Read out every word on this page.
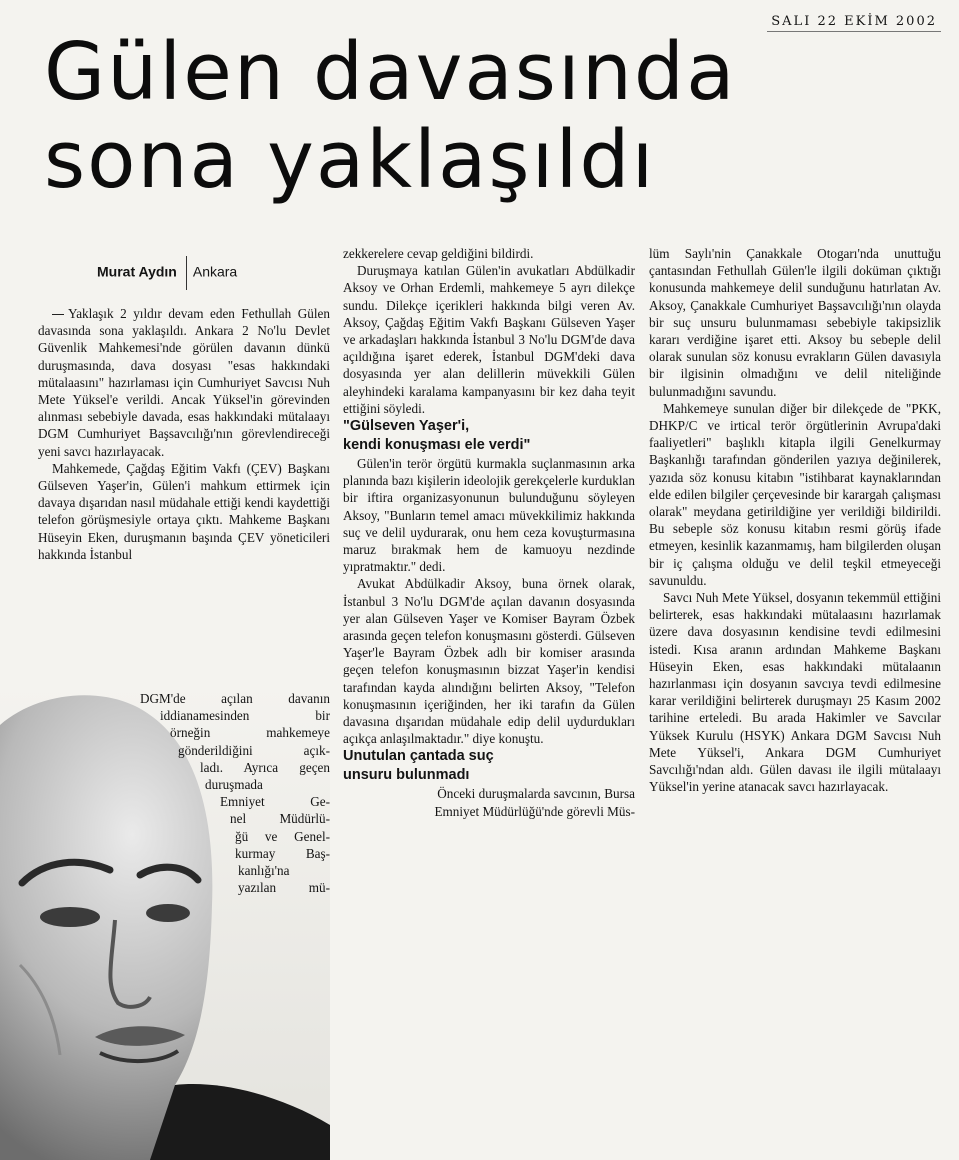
SALI 22 EKİM 2002
Gülen davasında
sona yaklaşıldı
Murat Aydın Ankara

Yaklaşık 2 yıldır devam eden Fethullah Gülen davasında sona yaklaşıldı. Ankara 2 No'lu Devlet Güvenlik Mahkemesi'nde görülen davanın dünkü duruşmasında, dava dosyası "esas hakkındaki mütalaasını" hazırlaması için Cumhuriyet Savcısı Nuh Mete Yüksel'e verildi. Ancak Yüksel'in görevinden alınması sebebiyle davada, esas hakkındaki mütalaayı DGM Cumhuriyet Başsavcılığı'nın görevlendireceği yeni savcı hazırlayacak.

Mahkemede, Çağdaş Eğitim Vakfı (ÇEV) Başkanı Gülseven Yaşer'in, Gülen'i mahkum ettirmek için davaya dışarıdan nasıl müdahale ettiği kendi kaydettiği telefon görüşmesiyle ortaya çıktı. Mahkeme Başkanı Hüseyin Eken, duruşmanın başında ÇEV yöneticileri hakkında İstanbul

DGM'de açılan davanın
iddianamesinden bir
örneğin mahkemeye
gönderildiğini açık-
ladı. Ayrıca geçen
duruşmada
Emniyet Ge-
nel Müdürlü-
ğü ve Genel-
kurmay Baş-
kanlığı'na
yazılan mü-

zekkerelere cevap geldiğini bildirdi.

Duruşmaya katılan Gülen'in avukatları Abdülkadir Aksoy ve Orhan Erdemli, mahkemeye 5 ayrı dilekçe sundu. Dilekçe içerikleri hakkında bilgi veren Av. Aksoy, Çağdaş Eğitim Vakfı Başkanı Gülseven Yaşer ve arkadaşları hakkında İstanbul 3 No'lu DGM'de dava açıldığına işaret ederek, İstanbul DGM'deki dava dosyasında yer alan delillerin müvekkili Gülen aleyhindeki karalama kampanyasını bir kez daha teyit ettiğini söyledi.

"Gülseven Yaşer'i,
kendi konuşması ele verdi"

Gülen'in terör örgütü kurmakla suçlanmasının arka planında bazı kişilerin ideolojik gerekçelerle kurduklan bir iftira organizasyonunun bulunduğunu söyleyen Aksoy, "Bunların temel amacı müvekkilimiz hakkında suç ve delil uydurarak, onu hem ceza kovuşturmasına maruz bırakmak hem de kamuoyu nezdinde yıpratmaktır." dedi.

Avukat Abdülkadir Aksoy, buna örnek olarak, İstanbul 3 No'lu DGM'de açılan davanın dosyasında yer alan Gülseven Yaşer ve Komiser Bayram Özbek arasında geçen telefon konuşmasını gösterdi. Gülseven Yaşer'le Bayram Özbek adlı bir komiser arasında geçen telefon konuşmasının bizzat Yaşer'in kendisi tarafından kayda alındığını belirten Aksoy, "Telefon konuşmasının içeriğinden, her iki tarafın da Gülen davasına dışarıdan müdahale edip delil uydurdukları açıkça anlaşılmaktadır." diye konuştu.

Unutulan çantada suç
unsuru bulunmadı

Önceki duruşmalarda savcının, Bursa Emniyet Müdürlüğü'nde görevli Müs-

lüm Saylı'nin Çanakkale Otogarı'nda unuttuğu çantasından Fethullah Gülen'le ilgili doküman çıktığı konusunda mahkemeye delil sunduğunu hatırlatan Av. Aksoy, Çanakkale Cumhuriyet Başsavcılığı'nın olayda bir suç unsuru bulunmaması sebebiyle takipsizlik kararı verdiğine işaret etti. Aksoy bu sebeple delil olarak sunulan söz konusu evrakların Gülen davasıyla bir ilgisinin olmadığını ve delil niteliğinde bulunmadığını savundu.

Mahkemeye sunulan diğer bir dilekçede de "PKK, DHKP/C ve irtical terör örgütlerinin Avrupa'daki faaliyetleri" başlıklı kitapla ilgili Genelkurmay Başkanlığı tarafından gönderilen yazıya değinilerek, yazıda söz konusu kitabın "istihbarat kaynaklarından elde edilen bilgiler çerçevesinde bir karargah çalışması olarak" meydana getirildiğine yer verildiği bildirildi. Bu sebeple söz konusu kitabın resmi görüş ifade etmeyen, kesinlik kazanmamış, ham bilgilerden oluşan bir iç çalışma olduğu ve delil teşkil etmeyeceği savunuldu.

Savcı Nuh Mete Yüksel, dosyanın tekemmül ettiğini belirterek, esas hakkındaki mütalaasını hazırlamak üzere dava dosyasının kendisine tevdi edilmesini istedi. Kısa aranın ardından Mahkeme Başkanı Hüseyin Eken, esas hakkındaki mütalaanın hazırlanması için dosyanın savcıya tevdi edilmesine karar verildiğini belirterek duruşmayı 25 Kasım 2002 tarihine erteledi. Bu arada Hakimler ve Savcılar Yüksek Kurulu (HSYK) Ankara DGM Savcısı Nuh Mete Yüksel'i, Ankara DGM Cumhuriyet Savcılığı'ndan aldı. Gülen davası ile ilgili mütalaayı Yüksel'in yerine atanacak savcı hazırlayacak.
